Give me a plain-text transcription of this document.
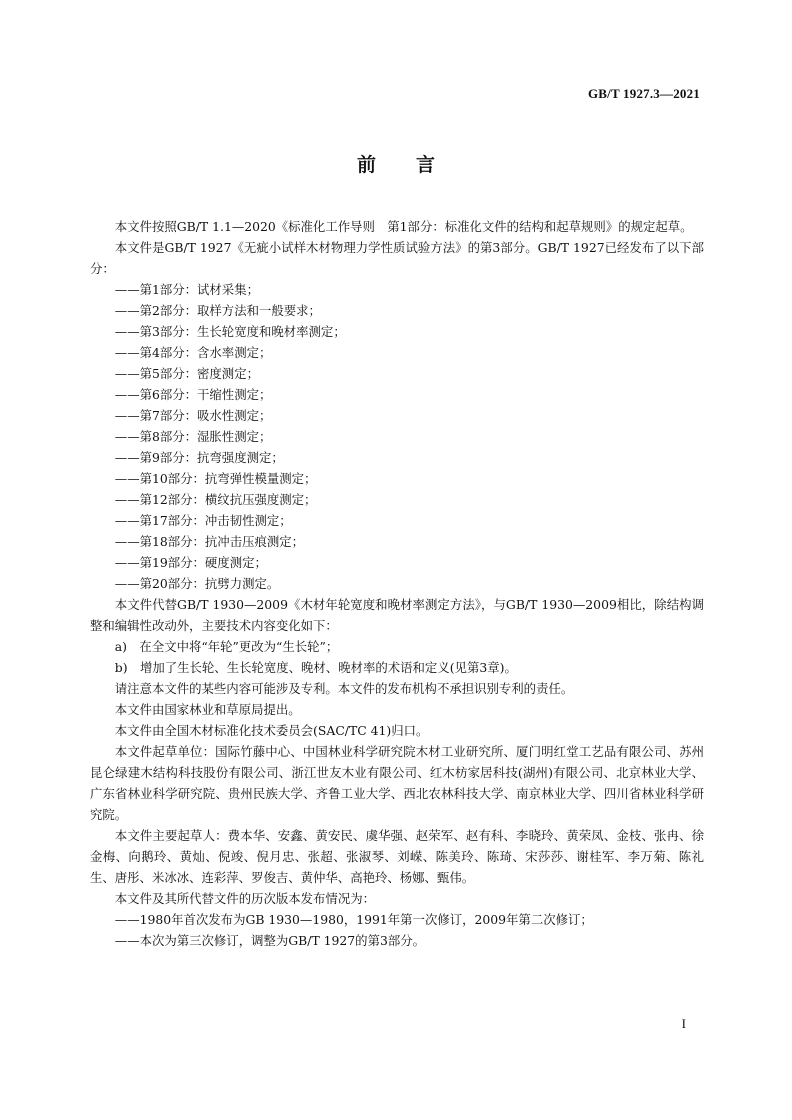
GB/T 1927.3—2021
前言

本文件按照GB/T 1.1—2020《标准化工作导则　第1部分：标准化文件的结构和起草规则》的规定起草。

本文件是GB/T 1927《无疵小试样木材物理力学性质试验方法》的第3部分。GB/T 1927已经发布了以下部分：

——第1部分：试材采集；

——第2部分：取样方法和一般要求；

——第3部分：生长轮宽度和晚材率测定；

——第4部分：含水率测定；

——第5部分：密度测定；

——第6部分：干缩性测定；

——第7部分：吸水性测定；

——第8部分：湿胀性测定；

——第9部分：抗弯强度测定；

——第10部分：抗弯弹性模量测定；

——第12部分：横纹抗压强度测定；

——第17部分：冲击韧性测定；

——第18部分：抗冲击压痕测定；

——第19部分：硬度测定；

——第20部分：抗劈力测定。

本文件代替GB/T 1930—2009《木材年轮宽度和晚材率测定方法》，与GB/T 1930—2009相比，除结构调整和编辑性改动外，主要技术内容变化如下：

a)　在全文中将“年轮”更改为“生长轮”；

b)　增加了生长轮、生长轮宽度、晚材、晚材率的术语和定义(见第3章)。

请注意本文件的某些内容可能涉及专利。本文件的发布机构不承担识别专利的责任。

本文件由国家林业和草原局提出。

本文件由全国木材标准化技术委员会(SAC/TC 41)归口。

本文件起草单位：国际竹藤中心、中国林业科学研究院木材工业研究所、厦门明红堂工艺品有限公司、苏州昆仑绿建木结构科技股份有限公司、浙江世友木业有限公司、红木枋家居科技(湖州)有限公司、北京林业大学、广东省林业科学研究院、贵州民族大学、齐鲁工业大学、西北农林科技大学、南京林业大学、四川省林业科学研究院。

本文件主要起草人：费本华、安鑫、黄安民、虞华强、赵荣军、赵有科、李晓玲、黄荣凤、金枝、张冉、徐金梅、向鹅玲、黄灿、倪竣、倪月忠、张超、张淑琴、刘嵘、陈美玲、陈琦、宋莎莎、谢桂军、李万菊、陈礼生、唐彤、米冰冰、连彩萍、罗俊吉、黄仲华、高艳玲、杨娜、甄伟。

本文件及其所代替文件的历次版本发布情况为：

——1980年首次发布为GB 1930—1980，1991年第一次修订，2009年第二次修订；

——本次为第三次修订，调整为GB/T 1927的第3部分。

I
